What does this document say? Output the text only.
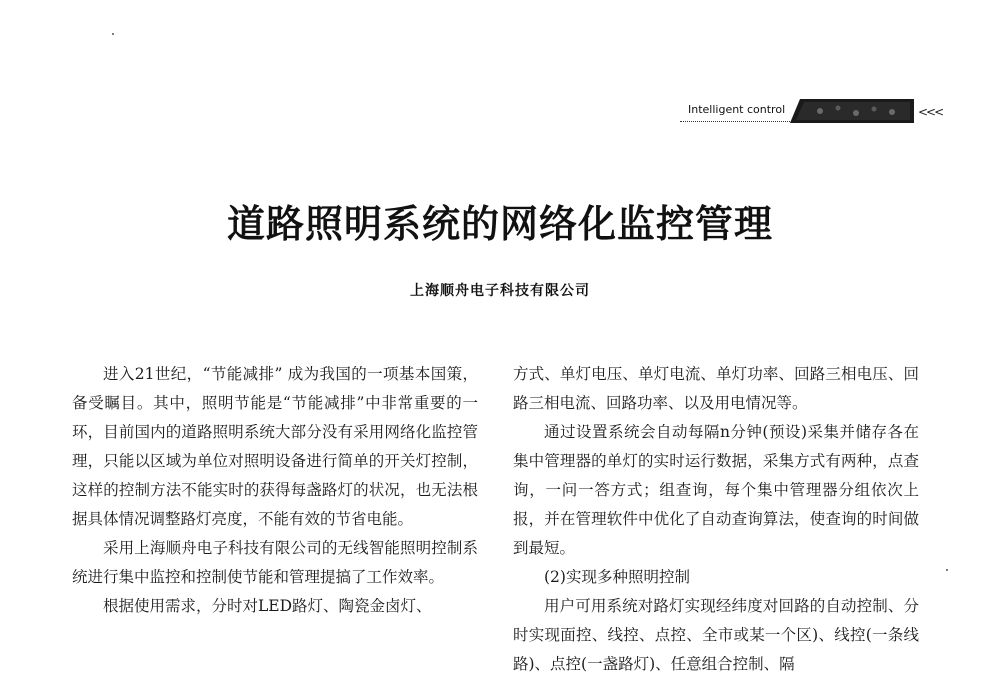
Intelligent control	<<<
道路照明系统的网络化监控管理
上海顺舟电子科技有限公司

进入21世纪，“节能减排” 成为我国的一项基本国策，备受瞩目。其中，照明节能是“节能减排”中非常重要的一环，目前国内的道路照明系统大部分没有采用网络化监控管理，只能以区域为单位对照明设备进行简单的开关灯控制，这样的控制方法不能实时的获得每盏路灯的状况，也无法根据具体情况调整路灯亮度，不能有效的节省电能。

采用上海顺舟电子科技有限公司的无线智能照明控制系统进行集中监控和控制使节能和管理提搞了工作效率。

根据使用需求，分时对LED路灯、陶瓷金卤灯、

方式、单灯电压、单灯电流、单灯功率、回路三相电压、回路三相电流、回路功率、以及用电情况等。

通过设置系统会自动每隔n分钟(预设)采集并储存各在集中管理器的单灯的实时运行数据，采集方式有两种，点查询，一问一答方式；组查询，每个集中管理器分组依次上报，并在管理软件中优化了自动查询算法，使查询的时间做到最短。

(2)实现多种照明控制

用户可用系统对路灯实现经纬度对回路的自动控制、分时实现面控、线控、点控、全市或某一个区)、线控(一条线路)、点控(一盏路灯)、任意组合控制、隔
